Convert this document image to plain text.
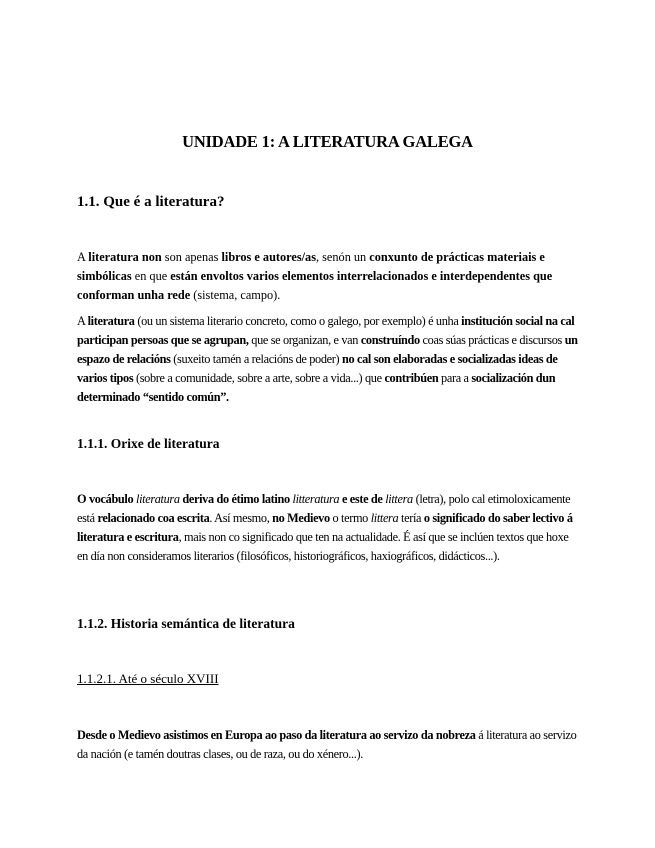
UNIDADE 1: A LITERATURA GALEGA
1.1. Que é a literatura?

A literatura non son apenas libros e autores/as, senón un conxunto de prácticas materiais e simbólicas en que están envoltos varios elementos interrelacionados e interdependentes que conforman unha rede (sistema, campo).

A literatura (ou un sistema literario concreto, como o galego, por exemplo) é unha institución social na cal participan persoas que se agrupan, que se organizan, e van construíndo coas súas prácticas e discursos un espazo de relacións (suxeito tamén a relacións de poder) no cal son elaboradas e socializadas ideas de varios tipos (sobre a comunidade, sobre a arte, sobre a vida...) que contribúen para a socialización dun determinado “sentido común”.

1.1.1. Orixe de literatura

O vocábulo literatura deriva do étimo latino litteratura e este de littera (letra), polo cal etimoloxicamente está relacionado coa escrita. Así mesmo, no Medievo o termo littera tería o significado do saber lectivo á literatura e escritura, mais non co significado que ten na actualidade. É así que se inclúen textos que hoxe en día non consideramos literarios (filosóficos, historiográficos, haxiográficos, didácticos...).

1.1.2. Historia semántica de literatura
1.1.2.1. Até o século XVIII

Desde o Medievo asistimos en Europa ao paso da literatura ao servizo da nobreza á literatura ao servizo da nación (e tamén doutras clases, ou de raza, ou do xénero...).
